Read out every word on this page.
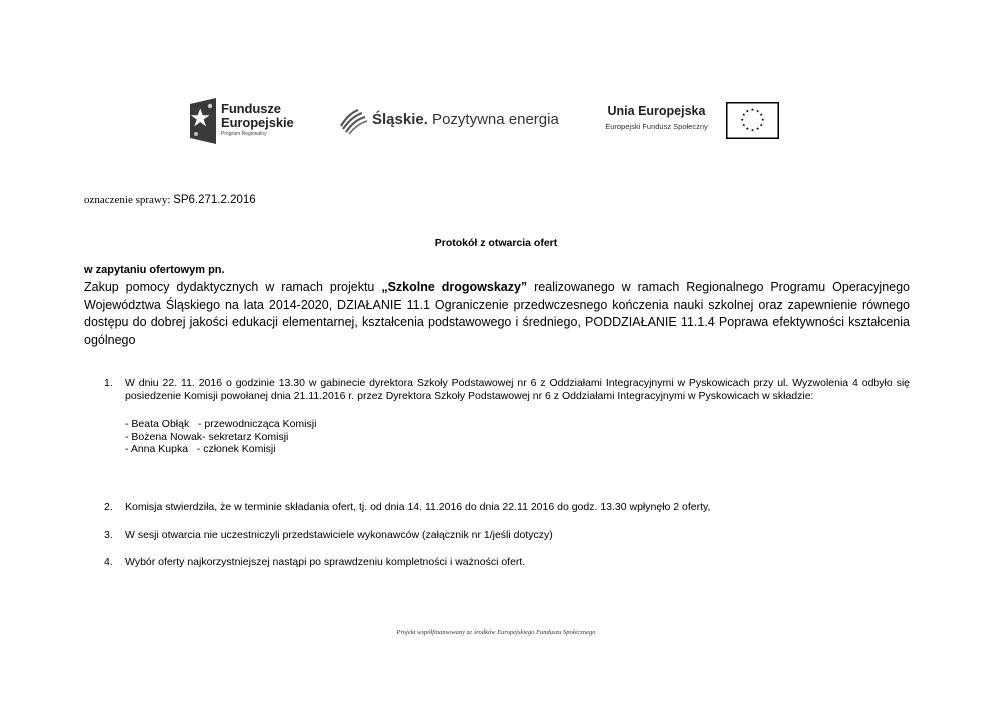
Fundusze
Europejskie
Program Regionalny
Śląskie. Pozytywna energia	Unia Europejska
Europejski Fundusz Społeczny
★ ★
★
★
★
★
★
★
★
★
★
★
oznaczenie sprawy: SP6.271.2.2016
Protokół z otwarcia ofert
w zapytaniu ofertowym pn.

Zakup pomocy dydaktycznych w ramach projektu „Szkolne drogowskazy” realizowanego w ramach Regionalnego Programu Operacyjnego Województwa Śląskiego na lata 2014-2020, DZIAŁANIE 11.1 Ograniczenie przedwczesnego kończenia nauki szkolnej oraz zapewnienie równego dostępu do dobrej jakości edukacji elementarnej, kształcenia podstawowego i średniego, PODDZIAŁANIE 11.1.4 Poprawa efektywności kształcenia ogólnego

1. W dniu 22. 11. 2016 o godzinie 13.30 w gabinecie dyrektora Szkoły Podstawowej nr 6 z Oddziałami Integracyjnymi w Pyskowicach przy ul. Wyzwolenia 4 odbyło się posiedzenie Komisji powołanej dnia 21.11.2016 r. przez Dyrektora Szkoły Podstawowej nr 6 z Oddziałami Integracyjnymi w Pyskowicach w składzie:
- Beata Obłąk   - przewodnicząca Komisji
- Bożena Nowak- sekretarz Komisji
- Anna Kupka   - członek Komisji
2. Komisja stwierdziła, że w terminie składania ofert, tj. od dnia 14. 11.2016 do dnia 22.11 2016 do godz. 13.30 wpłynęło 2 oferty,
3. W sesji otwarcia nie uczestniczyli przedstawiciele wykonawców (załącznik nr 1/jeśli dotyczy)
4. Wybór oferty najkorzystniejszej nastąpi po sprawdzeniu kompletności i ważności ofert.
Projekt współfinansowany ze środków Europejskiego Funduszu Społecznego
